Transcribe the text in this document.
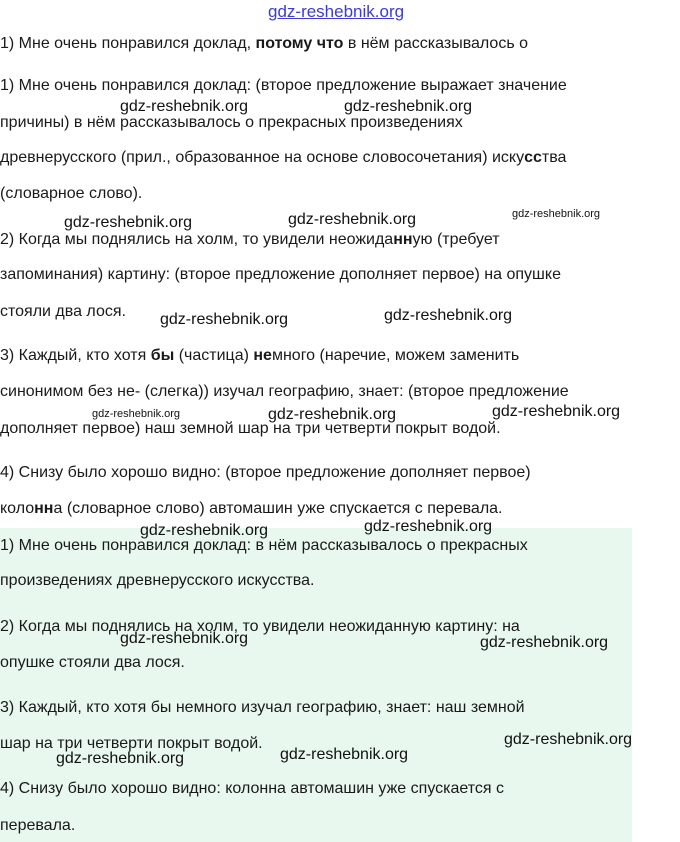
gdz-reshebnik.org
1) Мне очень понравился доклад, потому что в нём рассказывалось о
1) Мне очень понравился доклад: (второе предложение выражает значение
причины) в нём рассказывалось о прекрасных произведениях
древнерусского (прил., образованное на основе словосочетания) искусства
(словарное слово).
2) Когда мы поднялись на холм, то увидели неожиданную (требует
запоминания) картину: (второе предложение дополняет первое) на опушке
стояли два лося.
3) Каждый, кто хотя бы (частица) немного (наречие, можем заменить
синонимом без не- (слегка)) изучал географию, знает: (второе предложение
дополняет первое) наш земной шар на три четверти покрыт водой.
4) Снизу было хорошо видно: (второе предложение дополняет первое)
колонна (словарное слово) автомашин уже спускается с перевала.
1) Мне очень понравился доклад: в нём рассказывалось о прекрасных
произведениях древнерусского искусства.
2) Когда мы поднялись на холм, то увидели неожиданную картину: на
опушке стояли два лося.
3) Каждый, кто хотя бы немного изучал географию, знает: наш земной
шар на три четверти покрыт водой.
4) Снизу было хорошо видно: колонна автомашин уже спускается с
перевала.
gdz-reshebnik.org	gdz-reshebnik.org
gdz-reshebnik.org	gdz-reshebnik.org	gdz-reshebnik.org
gdz-reshebnik.org	gdz-reshebnik.org
gdz-reshebnik.org	gdz-reshebnik.org	gdz-reshebnik.org
gdz-reshebnik.org	gdz-reshebnik.org
gdz-reshebnik.org	gdz-reshebnik.org
gdz-reshebnik.org
gdz-reshebnik.org	gdz-reshebnik.org
